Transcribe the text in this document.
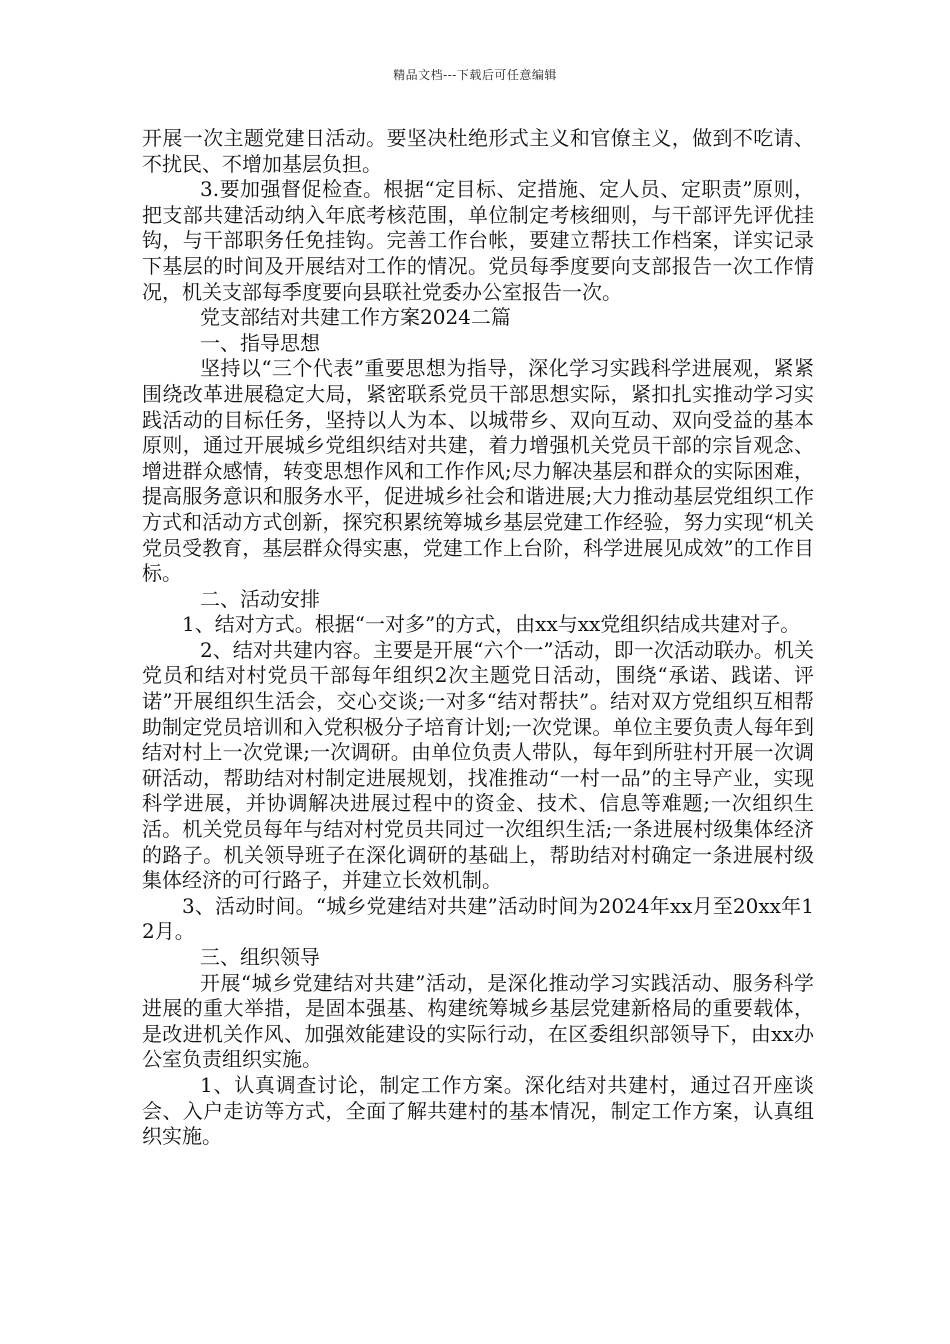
精品文档---下载后可任意编辑

开展一次主题党建日活动。要坚决杜绝形式主义和官僚主义，做到不吃请、不扰民、不增加基层负担。

3.要加强督促检查。根据“定目标、定措施、定人员、定职责”原则，把支部共建活动纳入年底考核范围，单位制定考核细则，与干部评先评优挂钩，与干部职务任免挂钩。完善工作台帐，要建立帮扶工作档案，详实记录下基层的时间及开展结对工作的情况。党员每季度要向支部报告一次工作情况，机关支部每季度要向县联社党委办公室报告一次。

党支部结对共建工作方案2024二篇

一、指导思想

坚持以“三个代表”重要思想为指导，深化学习实践科学进展观，紧紧围绕改革进展稳定大局，紧密联系党员干部思想实际，紧扣扎实推动学习实践活动的目标任务，坚持以人为本、以城带乡、双向互动、双向受益的基本原则，通过开展城乡党组织结对共建，着力增强机关党员干部的宗旨观念、增进群众感情，转变思想作风和工作作风;尽力解决基层和群众的实际困难，提高服务意识和服务水平，促进城乡社会和谐进展;大力推动基层党组织工作方式和活动方式创新，探究积累统筹城乡基层党建工作经验，努力实现“机关党员受教育，基层群众得实惠，党建工作上台阶，科学进展见成效”的工作目标。

二、活动安排

1、结对方式。根据“一对多”的方式，由xx与xx党组织结成共建对子。

2、结对共建内容。主要是开展“六个一”活动，即一次活动联办。机关党员和结对村党员干部每年组织2次主题党日活动，围绕“承诺、践诺、评诺”开展组织生活会，交心交谈;一对多“结对帮扶”。结对双方党组织互相帮助制定党员培训和入党积极分子培育计划;一次党课。单位主要负责人每年到结对村上一次党课;一次调研。由单位负责人带队，每年到所驻村开展一次调研活动，帮助结对村制定进展规划，找准推动“一村一品”的主导产业，实现科学进展，并协调解决进展过程中的资金、技术、信息等难题;一次组织生活。机关党员每年与结对村党员共同过一次组织生活;一条进展村级集体经济的路子。机关领导班子在深化调研的基础上，帮助结对村确定一条进展村级集体经济的可行路子，并建立长效机制。

3、活动时间。“城乡党建结对共建”活动时间为2024年xx月至20xx年12月。

三、组织领导

开展“城乡党建结对共建”活动，是深化推动学习实践活动、服务科学进展的重大举措，是固本强基、构建统筹城乡基层党建新格局的重要载体，是改进机关作风、加强效能建设的实际行动，在区委组织部领导下，由xx办公室负责组织实施。

1、认真调查讨论，制定工作方案。深化结对共建村，通过召开座谈会、入户走访等方式，全面了解共建村的基本情况，制定工作方案，认真组织实施。
